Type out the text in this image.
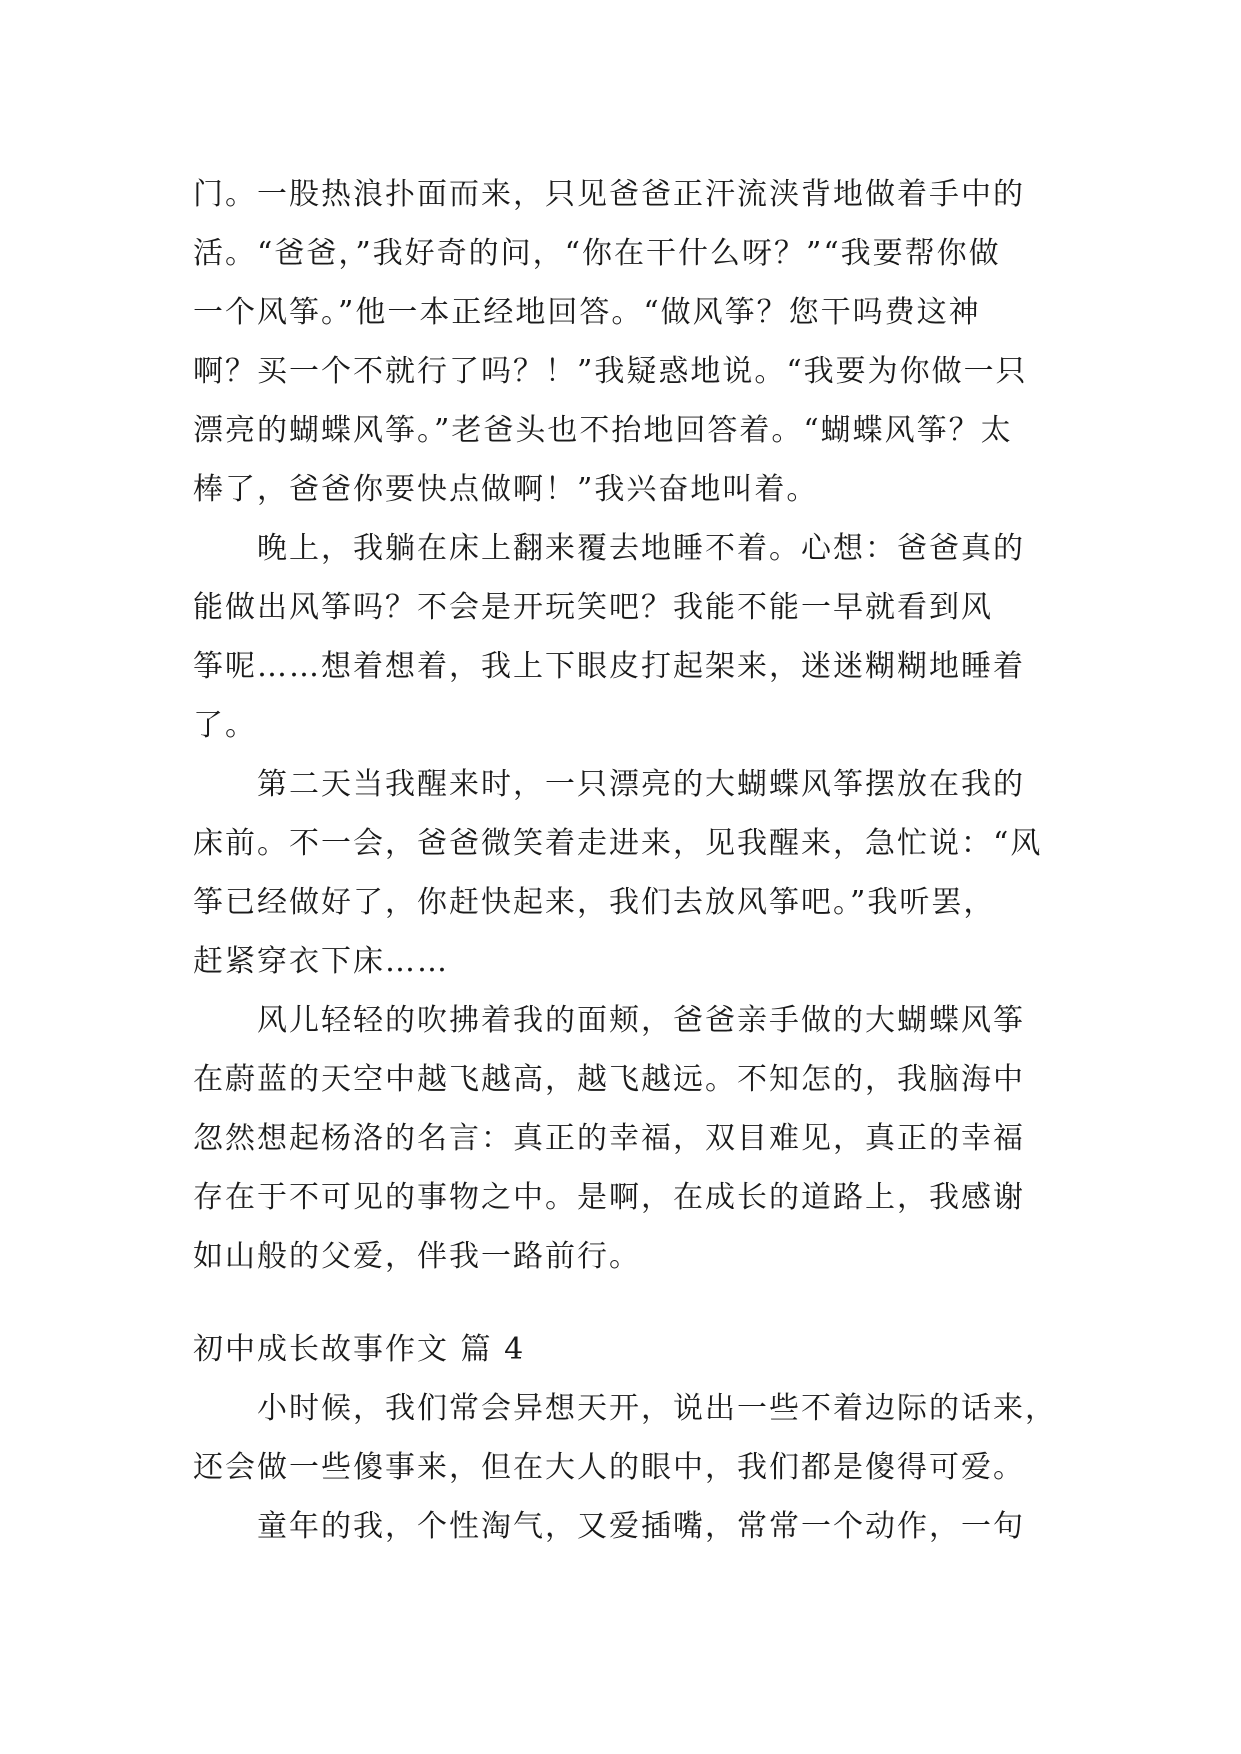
门。一股热浪扑面而来，只见爸爸正汗流浃背地做着手中的
活。“爸爸，”我好奇的问，“你在干什么呀？”“我要帮你做
一个风筝。”他一本正经地回答。“做风筝？您干吗费这神
啊？买一个不就行了吗？！”我疑惑地说。“我要为你做一只
漂亮的蝴蝶风筝。”老爸头也不抬地回答着。“蝴蝶风筝？太
棒了，爸爸你要快点做啊！”我兴奋地叫着。
晚上，我躺在床上翻来覆去地睡不着。心想：爸爸真的
能做出风筝吗？不会是开玩笑吧？我能不能一早就看到风
筝呢……想着想着，我上下眼皮打起架来，迷迷糊糊地睡着
了。
第二天当我醒来时，一只漂亮的大蝴蝶风筝摆放在我的
床前。不一会，爸爸微笑着走进来，见我醒来，急忙说：“风
筝已经做好了，你赶快起来，我们去放风筝吧。”我听罢，
赶紧穿衣下床……
风儿轻轻的吹拂着我的面颊，爸爸亲手做的大蝴蝶风筝
在蔚蓝的天空中越飞越高，越飞越远。不知怎的，我脑海中
忽然想起杨洛的名言：真正的幸福，双目难见，真正的幸福
存在于不可见的事物之中。是啊，在成长的道路上，我感谢
如山般的父爱，伴我一路前行。
初中成长故事作文 篇 4
小时候，我们常会异想天开，说出一些不着边际的话来，
还会做一些傻事来，但在大人的眼中，我们都是傻得可爱。
童年的我，个性淘气，又爱插嘴，常常一个动作，一句
